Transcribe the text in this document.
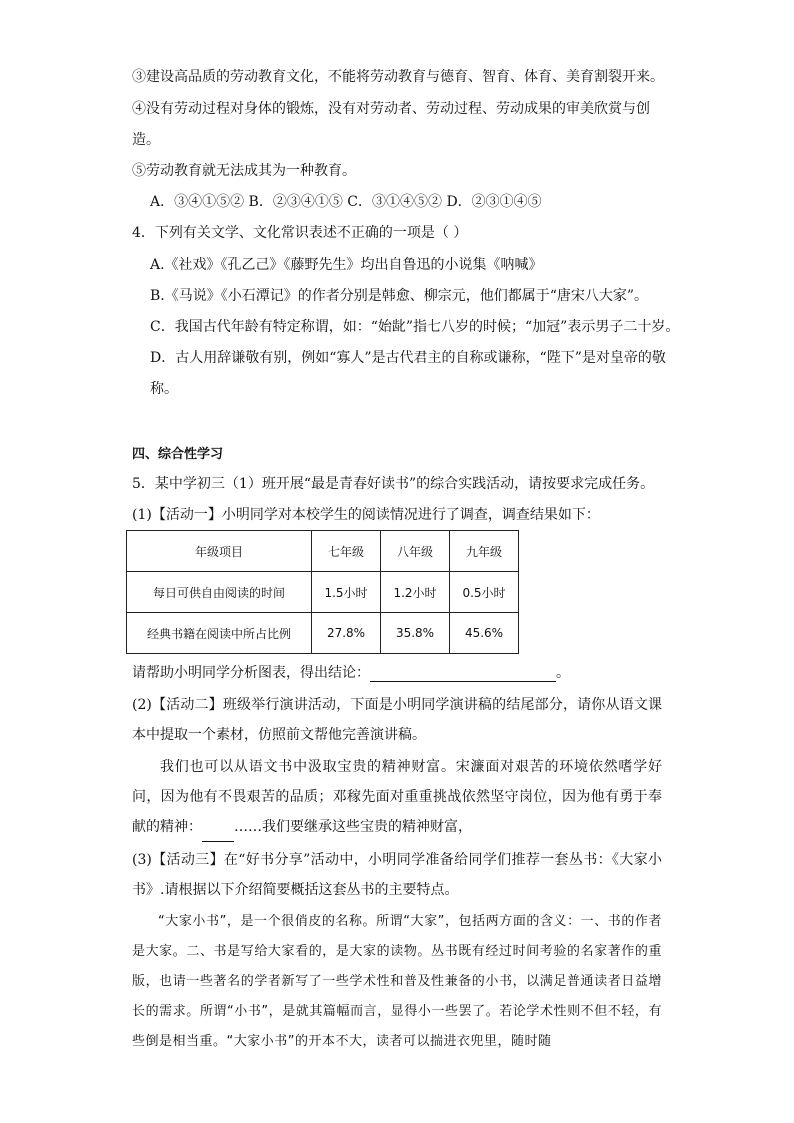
③建设高品质的劳动教育文化，不能将劳动教育与德育、智育、体育、美育割裂开来。
④没有劳动过程对身体的锻炼，没有对劳动者、劳动过程、劳动成果的审美欣赏与创
造。
⑤劳动教育就无法成其为一种教育。
A．③④①⑤② B．②③④①⑤ C．③①④⑤② D．②③①④⑤
4．下列有关文学、文化常识表述不正确的一项是（ ）
A.《社戏》《孔乙己》《藤野先生》均出自鲁迅的小说集《呐喊》
B.《马说》《小石潭记》的作者分别是韩愈、柳宗元，他们都属于“唐宋八大家”。
C．我国古代年龄有特定称谓，如：“始龀”指七八岁的时候；“加冠”表示男子二十岁。
D．古人用辞谦敬有别，例如“寡人”是古代君主的自称或谦称，“陛下”是对皇帝的敬
称。
四、综合性学习
5．某中学初三（1）班开展“最是青春好读书”的综合实践活动，请按要求完成任务。
(1)【活动一】小明同学对本校学生的阅读情况进行了调查，调查结果如下：
年级项目	七年级	八年级	九年级
每日可供自由阅读的时间	1.5小时	1.2小时	0.5小时
经典书籍在阅读中所占比例	27.8%	35.8%	45.6%
请帮助小明同学分析图表，得出结论：	。
(2)【活动二】班级举行演讲活动，下面是小明同学演讲稿的结尾部分，请你从语文课本中提取一个素材，仿照前文帮他完善演讲稿。
我们也可以从语文书中汲取宝贵的精神财富。宋濂面对艰苦的环境依然嗜学好问，因为他有不畏艰苦的品质；邓稼先面对重重挑战依然坚守岗位，因为他有勇于奉献的精神： ……我们要继承这些宝贵的精神财富，
(3)【活动三】在“好书分享”活动中，小明同学准备给同学们推荐一套丛书：《大家小书》.请根据以下介绍简要概括这套丛书的主要特点。
“大家小书”，是一个很俏皮的名称。所谓“大家”，包括两方面的含义：一、书的作者是大家。二、书是写给大家看的，是大家的读物。丛书既有经过时间考验的名家著作的重版，也请一些著名的学者新写了一些学术性和普及性兼备的小书，以满足普通读者日益增长的需求。所谓“小书”，是就其篇幅而言，显得小一些罢了。若论学术性则不但不轻，有些倒是相当重。“大家小书”的开本不大，读者可以揣进衣兜里，随时随
